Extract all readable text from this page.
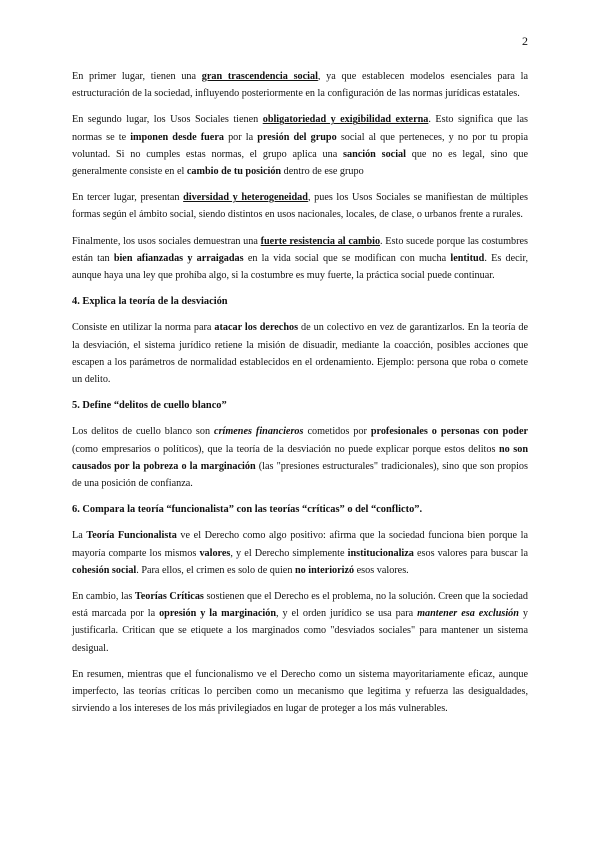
2

En primer lugar, tienen una gran trascendencia social, ya que establecen modelos esenciales para la estructuración de la sociedad, influyendo posteriormente en la configuración de las normas jurídicas estatales.

En segundo lugar, los Usos Sociales tienen obligatoriedad y exigibilidad externa. Esto significa que las normas se te imponen desde fuera por la presión del grupo social al que perteneces, y no por tu propia voluntad. Si no cumples estas normas, el grupo aplica una sanción social que no es legal, sino que generalmente consiste en el cambio de tu posición dentro de ese grupo

En tercer lugar, presentan diversidad y heterogeneidad, pues los Usos Sociales se manifiestan de múltiples formas según el ámbito social, siendo distintos en usos nacionales, locales, de clase, o urbanos frente a rurales.

Finalmente, los usos sociales demuestran una fuerte resistencia al cambio. Esto sucede porque las costumbres están tan bien afianzadas y arraigadas en la vida social que se modifican con mucha lentitud. Es decir, aunque haya una ley que prohíba algo, si la costumbre es muy fuerte, la práctica social puede continuar.

4. Explica la teoría de la desviación

Consiste en utilizar la norma para atacar los derechos de un colectivo en vez de garantizarlos. En la teoría de la desviación, el sistema jurídico retiene la misión de disuadir, mediante la coacción, posibles acciones que escapen a los parámetros de normalidad establecidos en el ordenamiento. Ejemplo: persona que roba o comete un delito.

5. Define “delitos de cuello blanco”

Los delitos de cuello blanco son crímenes financieros cometidos por profesionales o personas con poder (como empresarios o políticos), que la teoría de la desviación no puede explicar porque estos delitos no son causados por la pobreza o la marginación (las "presiones estructurales" tradicionales), sino que son propios de una posición de confianza.

6. Compara la teoría “funcionalista” con las teorías “críticas” o del “conflicto”.

La Teoría Funcionalista ve el Derecho como algo positivo: afirma que la sociedad funciona bien porque la mayoría comparte los mismos valores, y el Derecho simplemente institucionaliza esos valores para buscar la cohesión social. Para ellos, el crimen es solo de quien no interiorizó esos valores.

En cambio, las Teorías Críticas sostienen que el Derecho es el problema, no la solución. Creen que la sociedad está marcada por la opresión y la marginación, y el orden jurídico se usa para mantener esa exclusión y justificarla. Critican que se etiquete a los marginados como "desviados sociales" para mantener un sistema desigual.

En resumen, mientras que el funcionalismo ve el Derecho como un sistema mayoritariamente eficaz, aunque imperfecto, las teorías críticas lo perciben como un mecanismo que legitima y refuerza las desigualdades, sirviendo a los intereses de los más privilegiados en lugar de proteger a los más vulnerables.
